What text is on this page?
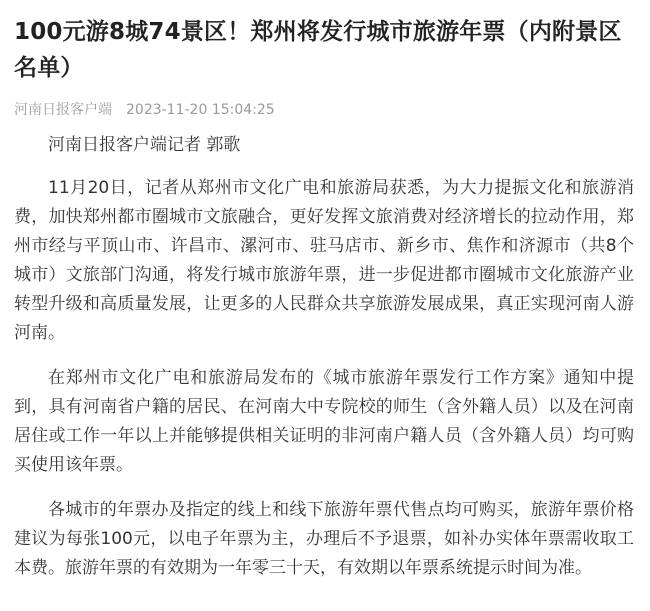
100元游8城74景区！郑州将发行城市旅游年票（内附景区名单）
河南日报客户端 2023-11-20 15:04:25

河南日报客户端记者 郭歌

11月20日，记者从郑州市文化广电和旅游局获悉，为大力提振文化和旅游消费，加快郑州都市圈城市文旅融合，更好发挥文旅消费对经济增长的拉动作用，郑州市经与平顶山市、许昌市、漯河市、驻马店市、新乡市、焦作和济源市（共8个城市）文旅部门沟通，将发行城市旅游年票，进一步促进都市圈城市文化旅游产业转型升级和高质量发展，让更多的人民群众共享旅游发展成果，真正实现河南人游河南。

在郑州市文化广电和旅游局发布的《城市旅游年票发行工作方案》通知中提到，具有河南省户籍的居民、在河南大中专院校的师生（含外籍人员）以及在河南居住或工作一年以上并能够提供相关证明的非河南户籍人员（含外籍人员）均可购买使用该年票。

各城市的年票办及指定的线上和线下旅游年票代售点均可购买，旅游年票价格建议为每张100元，以电子年票为主，办理后不予退票，如补办实体年票需收取工本费。旅游年票的有效期为一年零三十天，有效期以年票系统提示时间为准。
